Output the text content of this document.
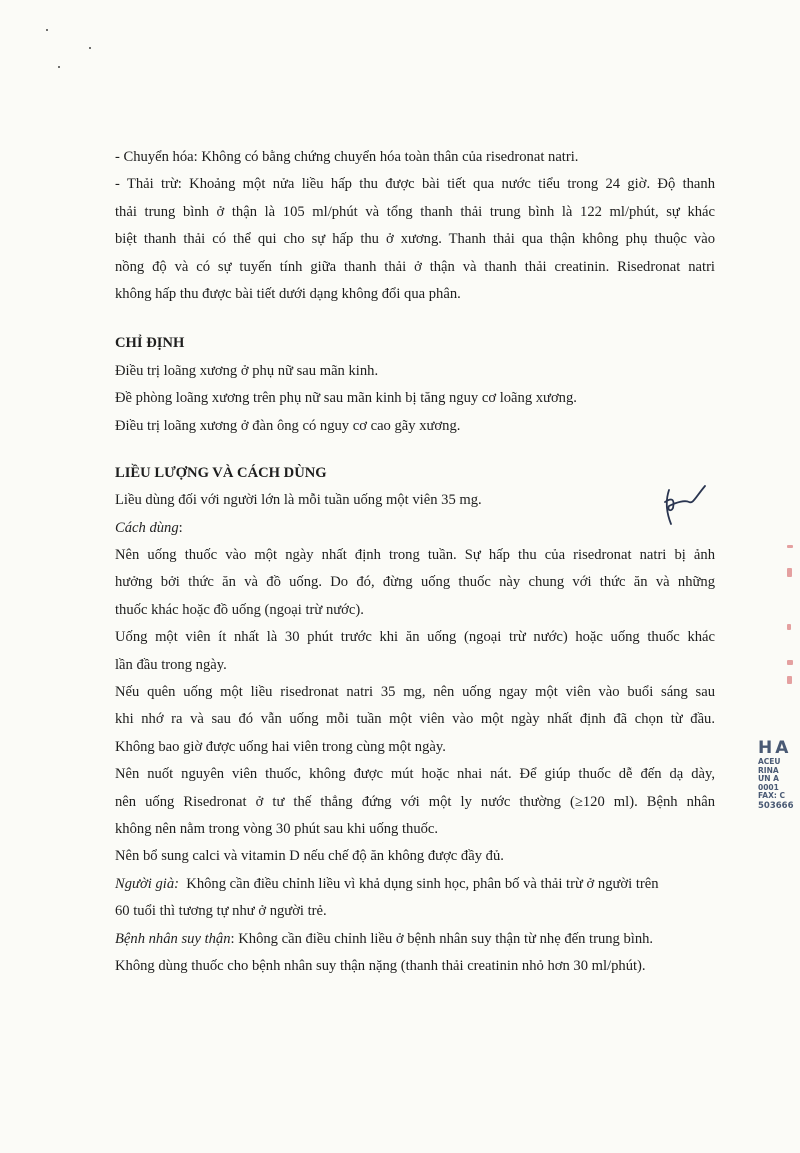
- Chuyển hóa: Không có bằng chứng chuyển hóa toàn thân của risedronat natri.
- Thải trừ: Khoảng một nửa liều hấp thu được bài tiết qua nước tiểu trong 24 giờ. Độ thanh
thải trung bình ở thận là 105 ml/phút và tổng thanh thải trung bình là 122 ml/phút, sự khác
biệt thanh thải có thể qui cho sự hấp thu ở xương. Thanh thải qua thận không phụ thuộc vào
nồng độ và có sự tuyến tính giữa thanh thải ở thận và thanh thải creatinin. Risedronat natri
không hấp thu được bài tiết dưới dạng không đổi qua phân.
CHỈ ĐỊNH
Điều trị loãng xương ở phụ nữ sau mãn kinh.
Đề phòng loãng xương trên phụ nữ sau mãn kinh bị tăng nguy cơ loãng xương.
Điều trị loãng xương ở đàn ông có nguy cơ cao gãy xương.
LIỀU LƯỢNG VÀ CÁCH DÙNG
Liều dùng đối với người lớn là mỗi tuần uống một viên 35 mg.
Cách dùng:
Nên uống thuốc vào một ngày nhất định trong tuần. Sự hấp thu của risedronat natri bị ảnh
hưởng bởi thức ăn và đồ uống. Do đó, đừng uống thuốc này chung với thức ăn và những
thuốc khác hoặc đồ uống (ngoại trừ nước).
Uống một viên ít nhất là 30 phút trước khi ăn uống (ngoại trừ nước) hoặc uống thuốc khác
lần đầu trong ngày.
Nếu quên uống một liều risedronat natri 35 mg, nên uống ngay một viên vào buổi sáng sau
khi nhớ ra và sau đó vẫn uống mỗi tuần một viên vào một ngày nhất định đã chọn từ đầu.
Không bao giờ được uống hai viên trong cùng một ngày.
Nên nuốt nguyên viên thuốc, không được mút hoặc nhai nát. Để giúp thuốc dễ đến dạ dày,
nên uống Risedronat ở tư thế thẳng đứng với một ly nước thường (≥120 ml). Bệnh nhân
không nên nằm trong vòng 30 phút sau khi uống thuốc.
Nên bổ sung calci và vitamin D nếu chế độ ăn không được đầy đủ.
Người già:  Không cần điều chỉnh liều vì khả dụng sinh học, phân bố và thải trừ ở người trên
60 tuổi thì tương tự như ở người trẻ.
Bệnh nhân suy thận: Không cần điều chỉnh liều ở bệnh nhân suy thận từ nhẹ đến trung bình.
Không dùng thuốc cho bệnh nhân suy thận nặng (thanh thải creatinin nhỏ hơn 30 ml/phút).
HA
ACEU
RINA
ƯN A
0001
FAX: C
503666
